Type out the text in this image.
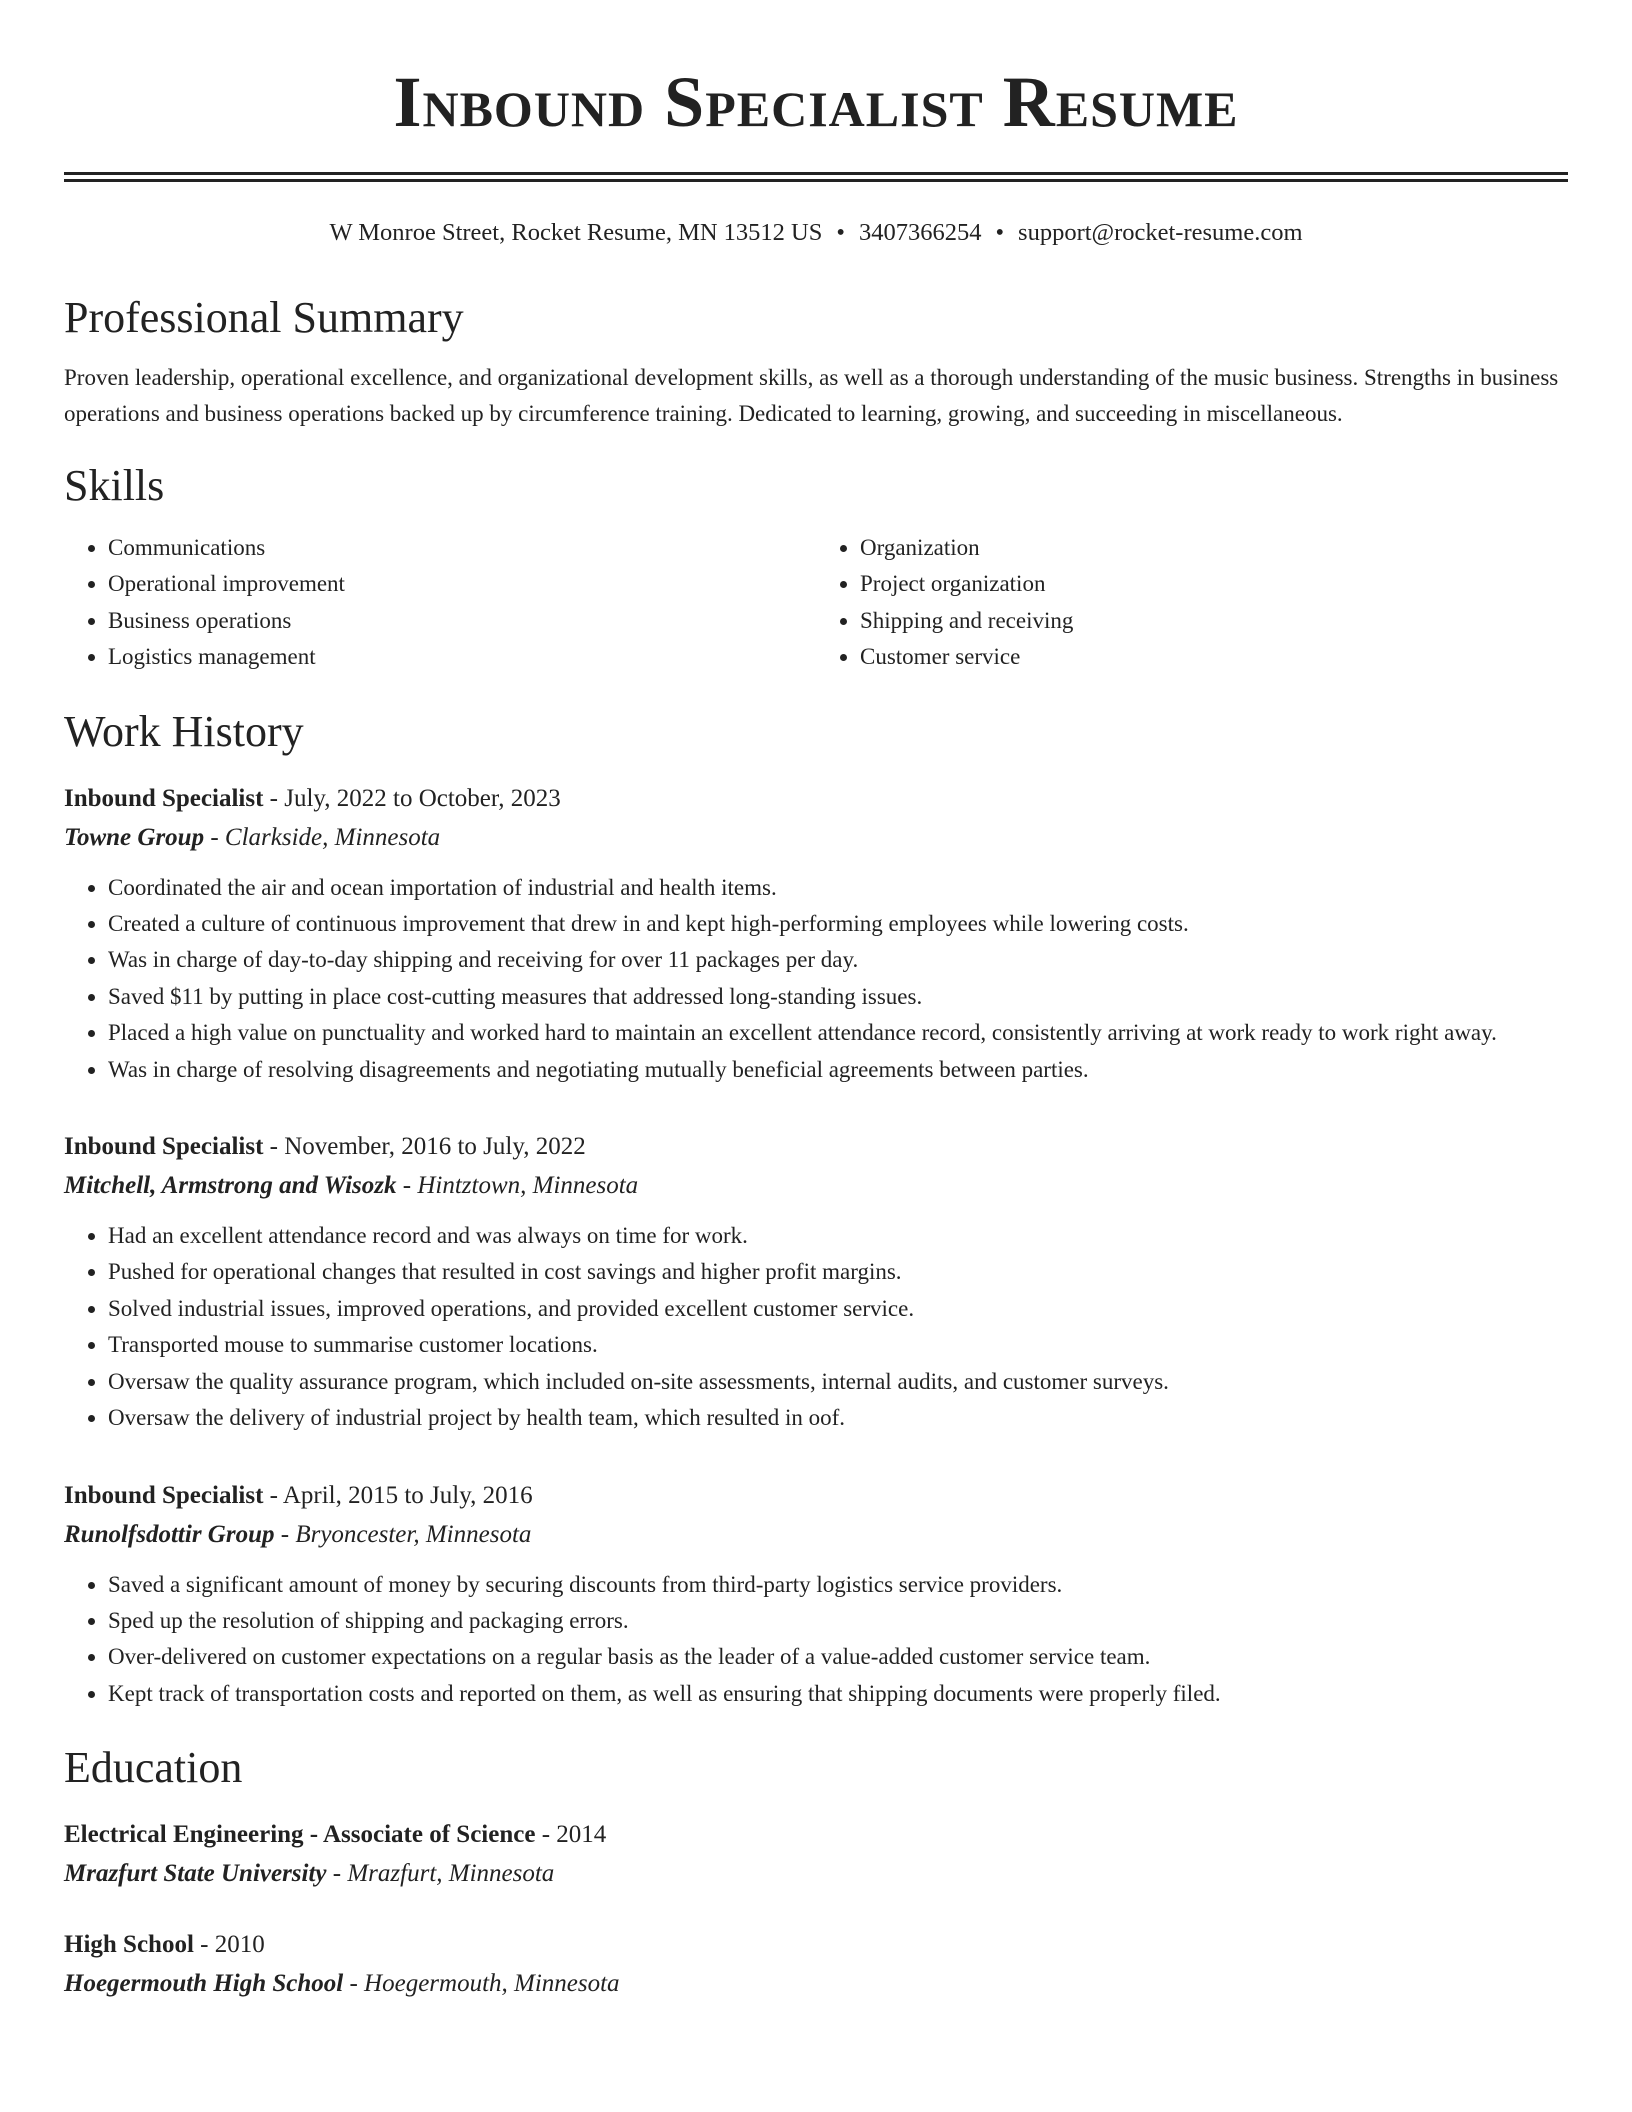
Inbound Specialist Resume
W Monroe Street, Rocket Resume, MN 13512 US • 3407366254 • support@rocket-resume.com
Professional Summary

Proven leadership, operational excellence, and organizational development skills, as well as a thorough understanding of the music business. Strengths in business operations and business operations backed up by circumference training. Dedicated to learning, growing, and succeeding in miscellaneous.

Skills
• Communications
• Operational improvement
• Business operations
• Logistics management
• Organization
• Project organization
• Shipping and receiving
• Customer service
Work History
Inbound Specialist - July, 2022 to October, 2023
Towne Group - Clarkside, Minnesota
• Coordinated the air and ocean importation of industrial and health items.
• Created a culture of continuous improvement that drew in and kept high-performing employees while lowering costs.
• Was in charge of day-to-day shipping and receiving for over 11 packages per day.
• Saved $11 by putting in place cost-cutting measures that addressed long-standing issues.
• Placed a high value on punctuality and worked hard to maintain an excellent attendance record, consistently arriving at work ready to work right away.
• Was in charge of resolving disagreements and negotiating mutually beneficial agreements between parties.
Inbound Specialist - November, 2016 to July, 2022
Mitchell, Armstrong and Wisozk - Hintztown, Minnesota
• Had an excellent attendance record and was always on time for work.
• Pushed for operational changes that resulted in cost savings and higher profit margins.
• Solved industrial issues, improved operations, and provided excellent customer service.
• Transported mouse to summarise customer locations.
• Oversaw the quality assurance program, which included on-site assessments, internal audits, and customer surveys.
• Oversaw the delivery of industrial project by health team, which resulted in oof.
Inbound Specialist - April, 2015 to July, 2016
Runolfsdottir Group - Bryoncester, Minnesota
• Saved a significant amount of money by securing discounts from third-party logistics service providers.
• Sped up the resolution of shipping and packaging errors.
• Over-delivered on customer expectations on a regular basis as the leader of a value-added customer service team.
• Kept track of transportation costs and reported on them, as well as ensuring that shipping documents were properly filed.
Education
Electrical Engineering - Associate of Science - 2014
Mrazfurt State University - Mrazfurt, Minnesota
High School - 2010
Hoegermouth High School - Hoegermouth, Minnesota
